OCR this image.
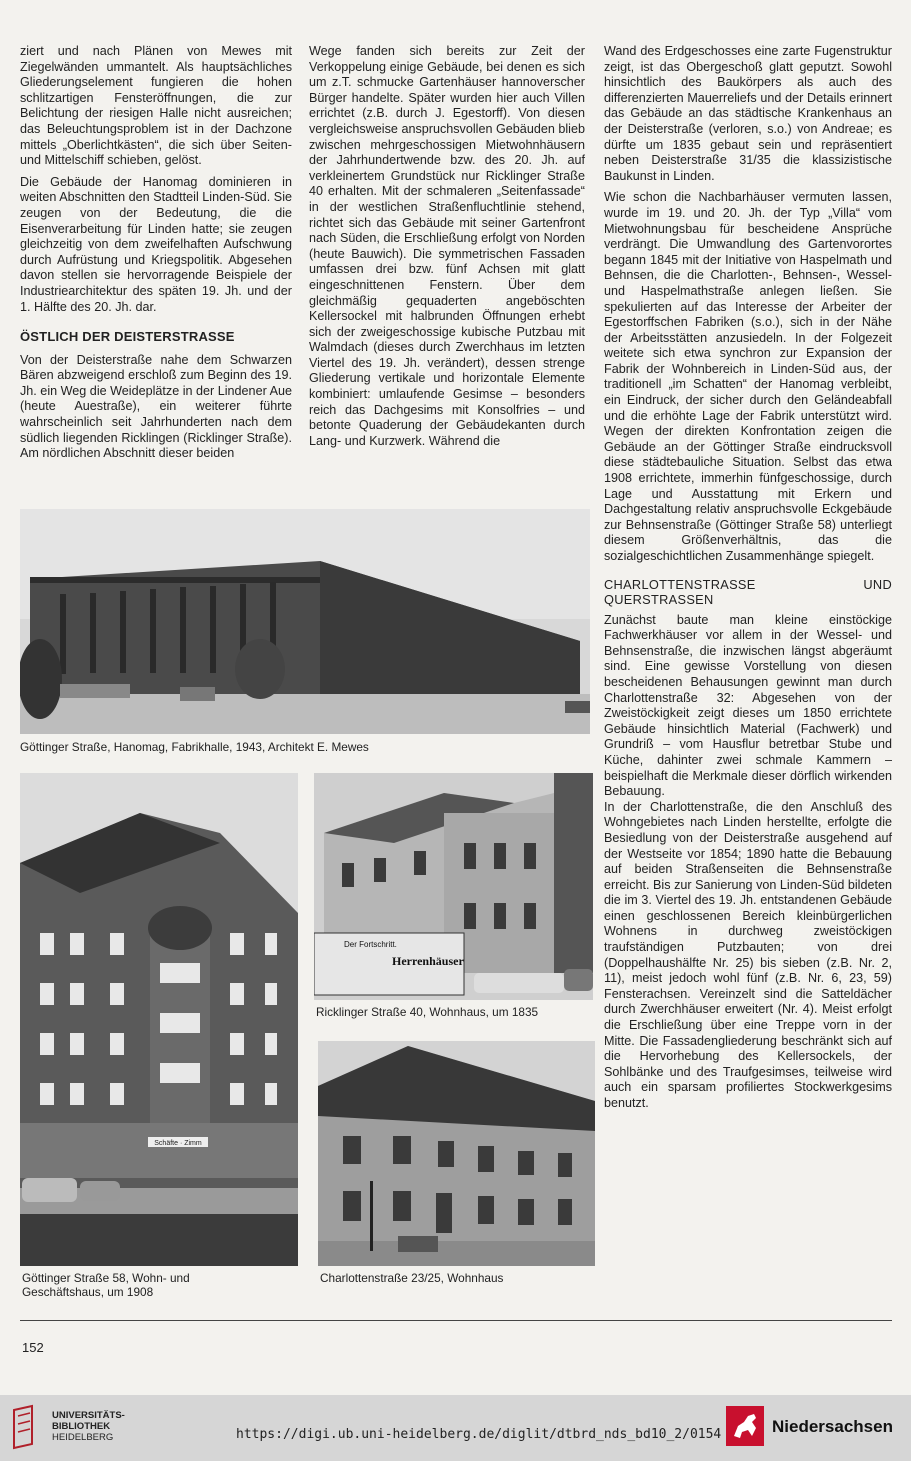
ziert und nach Plänen von Mewes mit Ziegelwänden ummantelt. Als hauptsächliches Gliederungselement fungieren die hohen schlitzartigen Fensteröffnungen, die zur Belichtung der riesigen Halle nicht ausreichen; das Beleuchtungsproblem ist in der Dachzone mittels „Oberlichtkästen“, die sich über Seiten- und Mittelschiff schieben, gelöst.

Die Gebäude der Hanomag dominieren in weiten Abschnitten den Stadtteil Linden-Süd. Sie zeugen von der Bedeutung, die die Eisenverarbeitung für Linden hatte; sie zeugen gleichzeitig von dem zweifelhaften Aufschwung durch Aufrüstung und Kriegspolitik. Abgesehen davon stellen sie hervorragende Beispiele der Industriearchitektur des späten 19. Jh. und der 1. Hälfte des 20. Jh. dar.

ÖSTLICH DER DEISTERSTRASSE

Von der Deisterstraße nahe dem Schwarzen Bären abzweigend erschloß zum Beginn des 19. Jh. ein Weg die Weideplätze in der Lindener Aue (heute Auestraße), ein weiterer führte wahrscheinlich seit Jahrhunderten nach dem südlich liegenden Ricklingen (Ricklinger Straße). Am nördlichen Abschnitt dieser beiden

Wege fanden sich bereits zur Zeit der Verkoppelung einige Gebäude, bei denen es sich um z.T. schmucke Gartenhäuser hannoverscher Bürger handelte. Später wurden hier auch Villen errichtet (z.B. durch J. Egestorff). Von diesen vergleichsweise anspruchsvollen Gebäuden blieb zwischen mehrgeschossigen Mietwohnhäusern der Jahrhundertwende bzw. des 20. Jh. auf verkleinertem Grundstück nur Ricklinger Straße 40 erhalten. Mit der schmaleren „Seitenfassade“ in der westlichen Straßenfluchtlinie stehend, richtet sich das Gebäude mit seiner Gartenfront nach Süden, die Erschließung erfolgt von Norden (heute Bauwich). Die symmetrischen Fassaden umfassen drei bzw. fünf Achsen mit glatt eingeschnittenen Fenstern. Über dem gleichmäßig gequaderten angeböschten Kellersockel mit halbrunden Öffnungen erhebt sich der zweigeschossige kubische Putzbau mit Walmdach (dieses durch Zwerchhaus im letzten Viertel des 19. Jh. verändert), dessen strenge Gliederung vertikale und horizontale Elemente kombiniert: umlaufende Gesimse – besonders reich das Dachgesims mit Konsolfries – und betonte Quaderung der Gebäudekanten durch Lang- und Kurzwerk. Während die

Wand des Erdgeschosses eine zarte Fugenstruktur zeigt, ist das Obergeschoß glatt geputzt. Sowohl hinsichtlich des Baukörpers als auch des differenzierten Mauerreliefs und der Details erinnert das Gebäude an das städtische Krankenhaus an der Deisterstraße (verloren, s.o.) von Andreae; es dürfte um 1835 gebaut sein und repräsentiert neben Deisterstraße 31/35 die klassizistische Baukunst in Linden.

Wie schon die Nachbarhäuser vermuten lassen, wurde im 19. und 20. Jh. der Typ „Villa“ vom Mietwohnungsbau für bescheidene Ansprüche verdrängt. Die Umwandlung des Gartenvorortes begann 1845 mit der Initiative von Haspelmath und Behnsen, die die Charlotten-, Behnsen-, Wessel- und Haspelmathstraße anlegen ließen. Sie spekulierten auf das Interesse der Arbeiter der Egestorffschen Fabriken (s.o.), sich in der Nähe der Arbeitsstätten anzusiedeln. In der Folgezeit weitete sich etwa synchron zur Expansion der Fabrik der Wohnbereich in Linden-Süd aus, der traditionell „im Schatten“ der Hanomag verbleibt, ein Eindruck, der sicher durch den Geländeabfall und die erhöhte Lage der Fabrik unterstützt wird. Wegen der direkten Konfrontation zeigen die Gebäude an der Göttinger Straße eindrucksvoll diese städtebauliche Situation. Selbst das etwa 1908 errichtete, immerhin fünfgeschossige, durch Lage und Ausstattung mit Erkern und Dachgestaltung relativ anspruchsvolle Eckgebäude zur Behnsenstraße (Göttinger Straße 58) unterliegt diesem Größenverhältnis, das die sozialgeschichtlichen Zusammenhänge spiegelt.

CHARLOTTENSTRASSE UND QUERSTRASSEN

Zunächst baute man kleine einstöckige Fachwerkhäuser vor allem in der Wessel- und Behnsenstraße, die inzwischen längst abgeräumt sind. Eine gewisse Vorstellung von diesen bescheidenen Behausungen gewinnt man durch Charlottenstraße 32: Abgesehen von der Zweistöckigkeit zeigt dieses um 1850 errichtete Gebäude hinsichtlich Material (Fachwerk) und Grundriß – vom Hausflur betretbar Stube und Küche, dahinter zwei schmale Kammern – beispielhaft die Merkmale dieser dörflich wirkenden Bebauung.

In der Charlottenstraße, die den Anschluß des Wohngebietes nach Linden herstellte, erfolgte die Besiedlung von der Deisterstraße ausgehend auf der Westseite vor 1854; 1890 hatte die Bebauung auf beiden Straßenseiten die Behnsenstraße erreicht. Bis zur Sanierung von Linden-Süd bildeten die im 3. Viertel des 19. Jh. entstandenen Gebäude einen geschlossenen Bereich kleinbürgerlichen Wohnens in durchweg zweistöckigen traufständigen Putzbauten; von drei (Doppelhaushälfte Nr. 25) bis sieben (z.B. Nr. 2, 11), meist jedoch wohl fünf (z.B. Nr. 6, 23, 59) Fensterachsen. Vereinzelt sind die Satteldächer durch Zwerchhäuser erweitert (Nr. 4). Meist erfolgt die Erschließung über eine Treppe vorn in der Mitte. Die Fassadengliederung beschränkt sich auf die Hervorhebung des Kellersockels, der Sohlbänke und des Traufgesimses, teilweise wird auch ein sparsam profiliertes Stockwerkgesims benutzt.

Göttinger Straße, Hanomag, Fabrikhalle, 1943, Architekt E. Mewes
Schäfte · Zimm
Göttinger Straße 58, Wohn- und Geschäftshaus, um 1908
Der Fortschritt.
Herrenhäuser
Ricklinger Straße 40, Wohnhaus, um 1835
Charlottenstraße 23/25, Wohnhaus
152
UNIVERSITÄTS-
BIBLIOTHEK
HEIDELBERG	https://digi.ub.uni-heidelberg.de/diglit/dtbrd_nds_bd10_2/0154	Niedersachsen
